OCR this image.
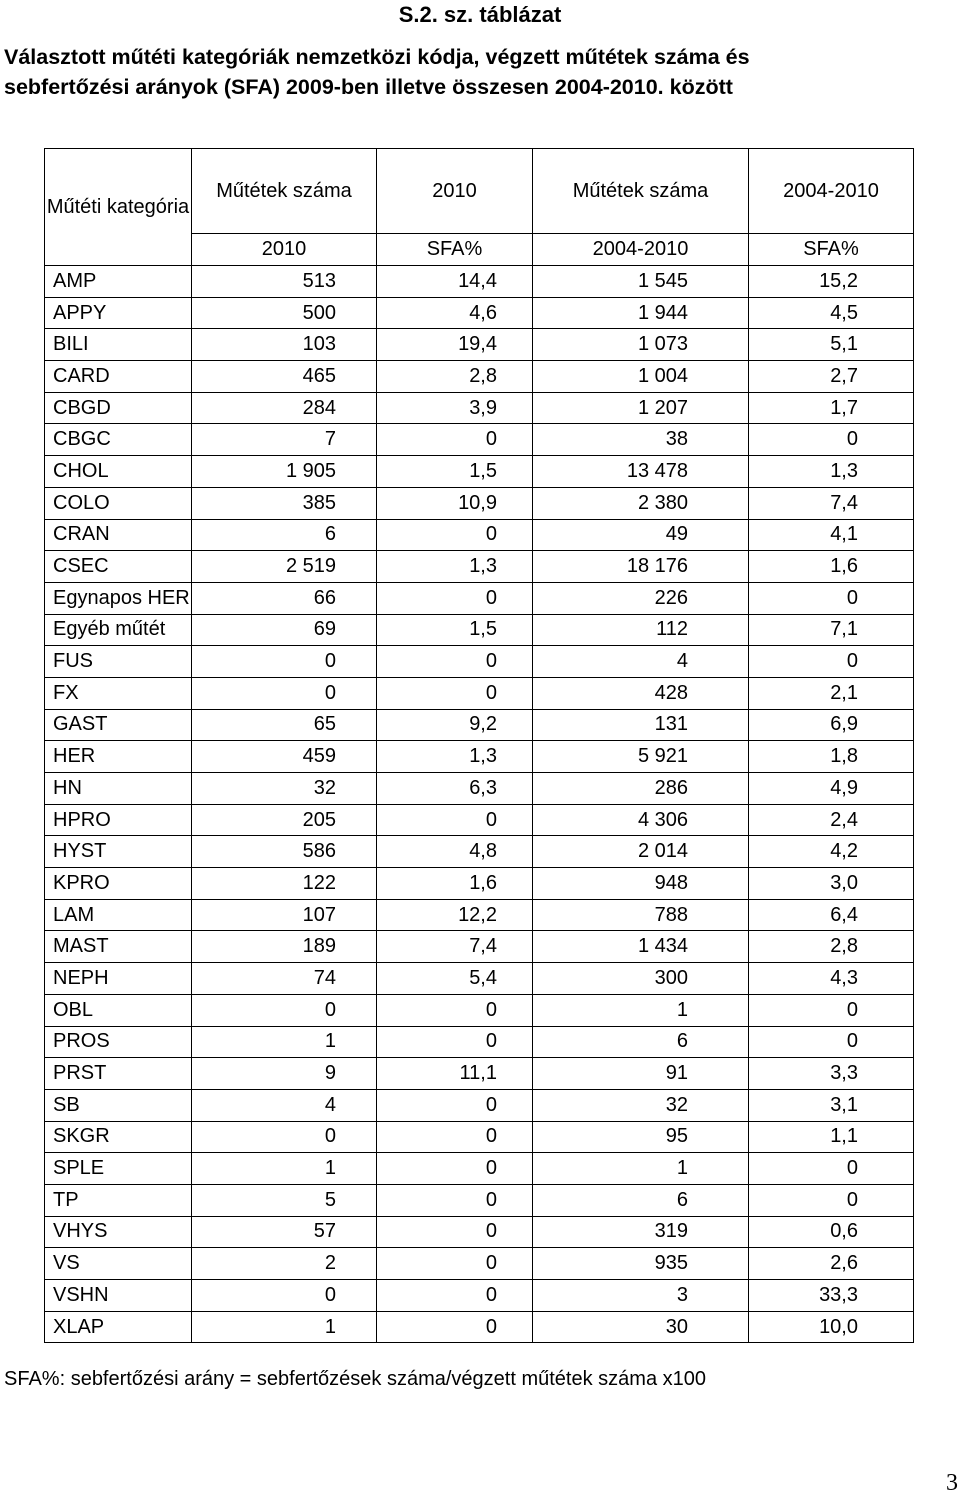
S.2. sz. táblázat
Választott műtéti kategóriák nemzetközi kódja, végzett műtétek száma és
sebfertőzési arányok (SFA) 2009-ben illetve összesen 2004-2010. között
Műtéti kategória	Műtétek száma	2010	Műtétek száma	2004-2010
	2010	SFA%	2004-2010	SFA%
AMP	513	14,4	1 545	15,2
APPY	500	4,6	1 944	4,5
BILI	103	19,4	1 073	5,1
CARD	465	2,8	1 004	2,7
CBGD	284	3,9	1 207	1,7
CBGC	7	0	38	0
CHOL	1 905	1,5	13 478	1,3
COLO	385	10,9	2 380	7,4
CRAN	6	0	49	4,1
CSEC	2 519	1,3	18 176	1,6
Egynapos HER	66	0	226	0
Egyéb műtét	69	1,5	112	7,1
FUS	0	0	4	0
FX	0	0	428	2,1
GAST	65	9,2	131	6,9
HER	459	1,3	5 921	1,8
HN	32	6,3	286	4,9
HPRO	205	0	4 306	2,4
HYST	586	4,8	2 014	4,2
KPRO	122	1,6	948	3,0
LAM	107	12,2	788	6,4
MAST	189	7,4	1 434	2,8
NEPH	74	5,4	300	4,3
OBL	0	0	1	0
PROS	1	0	6	0
PRST	9	11,1	91	3,3
SB	4	0	32	3,1
SKGR	0	0	95	1,1
SPLE	1	0	1	0
TP	5	0	6	0
VHYS	57	0	319	0,6
VS	2	0	935	2,6
VSHN	0	0	3	33,3
XLAP	1	0	30	10,0
SFA%: sebfertőzési arány = sebfertőzések száma/végzett műtétek száma x100
3
